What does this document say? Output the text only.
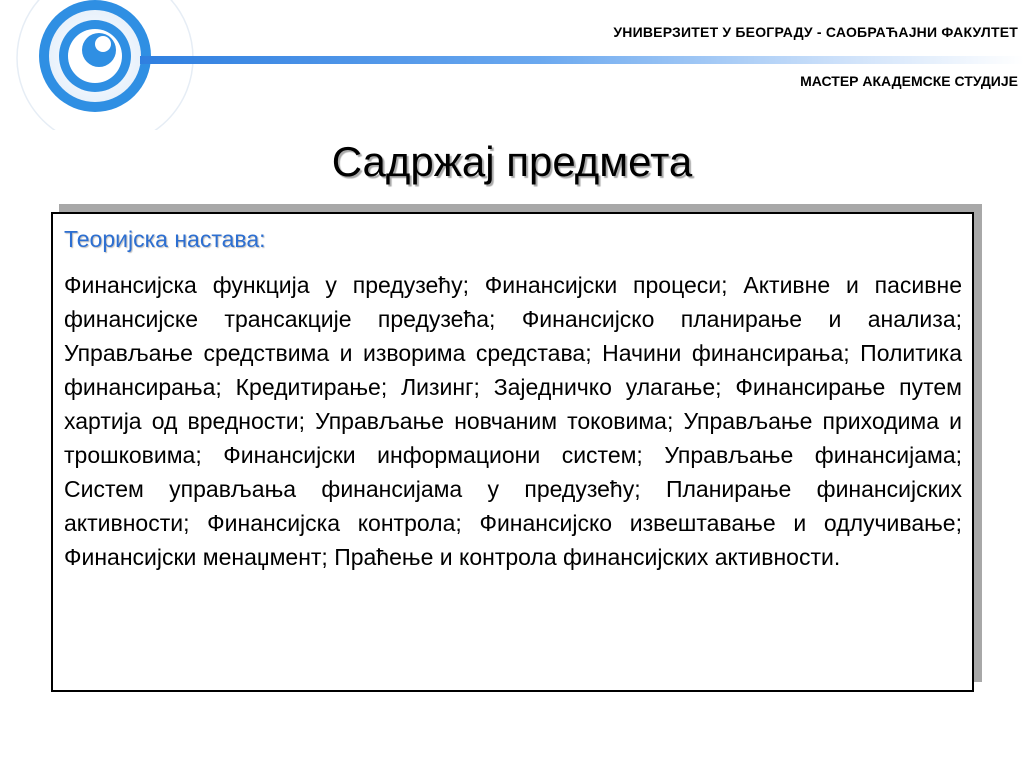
УНИВЕРЗИТЕТ У БЕОГРАДУ - САОБРАЋАЈНИ ФАКУЛТЕТ
МАСТЕР АКАДЕМСКЕ СТУДИЈЕ
Садржај предмета

Теоријска настава:

Финансијска функција у предузећу; Финансијски процеси; Активне и пасивне финансијске трансакције предузећа; Финансијско планирање и анализа; Управљање средствима и изворима средстава; Начини финансирања; Политика финансирања; Кредитирање; Лизинг; Заједничко улагање; Финансирање путем хартија од вредности; Управљање новчаним токовима; Управљање приходима и трошковима; Финансијски информациони систем; Управљање финансијама; Систем управљања финансијама у предузећу; Планирање финансијских активности; Финансијска контрола; Финансијско извештавање и одлучивање; Финансијски менаџмент; Праћење и контрола финансијских активности.
